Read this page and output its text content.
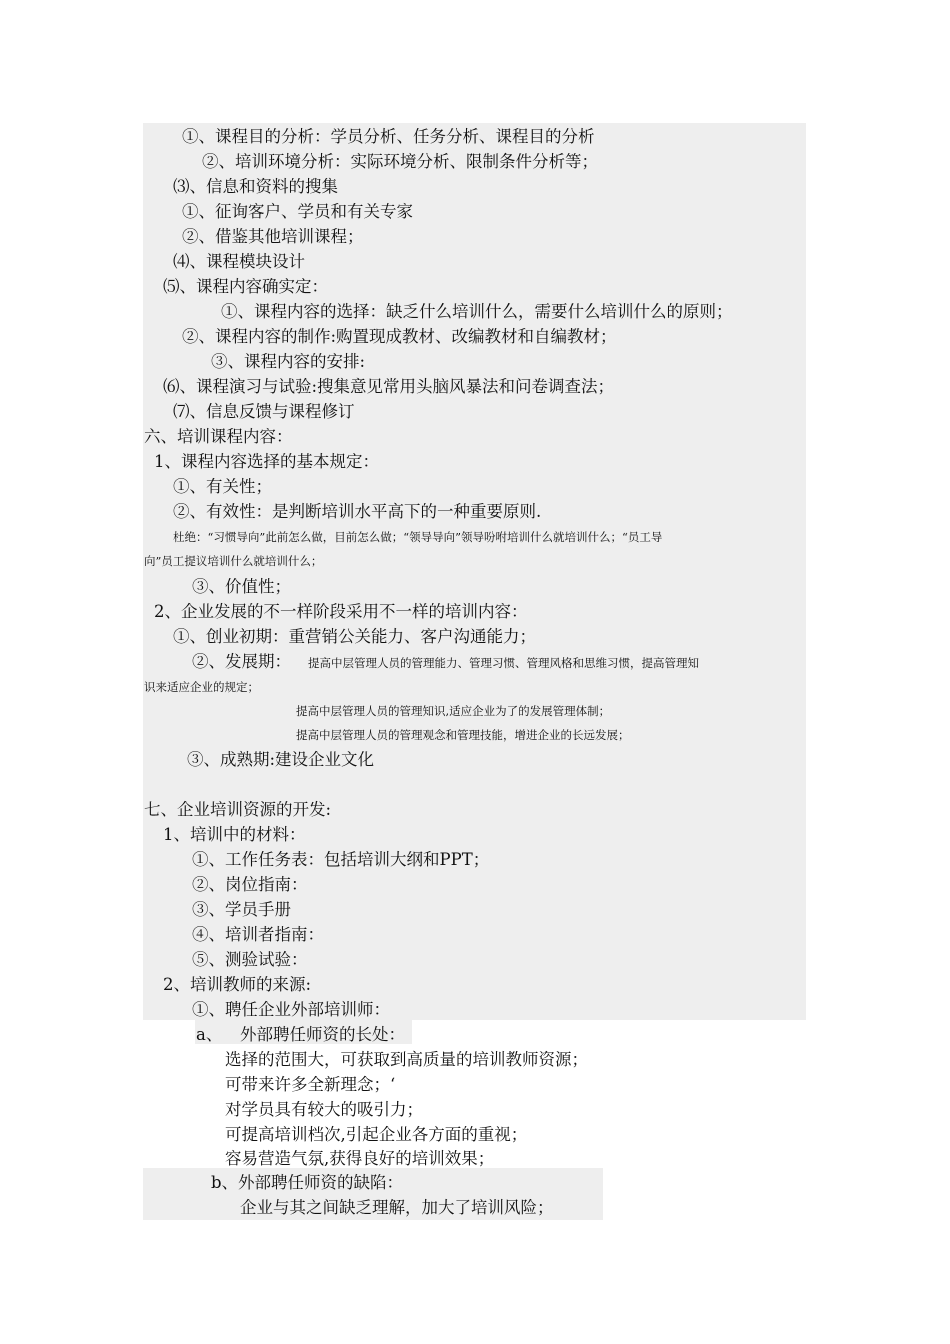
①、课程目的分析：学员分析、任务分析、课程目的分析
②、培训环境分析：实际环境分析、限制条件分析等；
⑶、信息和资料的搜集
①、征询客户、学员和有关专家
②、借鉴其他培训课程；
⑷、课程模块设计
⑸、课程内容确实定：
①、课程内容的选择：缺乏什么培训什么，需要什么培训什么的原则；
②、课程内容的制作:购置现成教材、改编教材和自编教材；
③、课程内容的安排:
⑹、课程演习与试验:搜集意见常用头脑风暴法和问卷调查法；
⑺、信息反馈与课程修订
六、培训课程内容：
1、课程内容选择的基本规定：
①、有关性；
②、有效性：是判断培训水平高下的一种重要原则.
杜绝：“习惯导向”此前怎么做，目前怎么做；“领导导向”领导吩咐培训什么就培训什么；“员工导
向”员工提议培训什么就培训什么；
③、价值性；
2、企业发展的不一样阶段采用不一样的培训内容：
①、创业初期：重营销公关能力、客户沟通能力；
②、发展期： 提高中层管理人员的管理能力、管理习惯、管理风格和思维习惯，提高管理知
识来适应企业的规定；
提高中层管理人员的管理知识,适应企业为了的发展管理体制；
提高中层管理人员的管理观念和管理技能，增进企业的长远发展；
③、成熟期:建设企业文化
七、企业培训资源的开发:
1、培训中的材料：
①、工作任务表：包括培训大纲和PPT；
②、岗位指南：
③、学员手册
④、培训者指南：
⑤、测验试验：
2、培训教师的来源:
①、聘任企业外部培训师：
a、 外部聘任师资的长处：
选择的范围大，可获取到高质量的培训教师资源；
可带来许多全新理念；‘
对学员具有较大的吸引力；
可提高培训档次,引起企业各方面的重视；
容易营造气氛,获得良好的培训效果；
b、外部聘任师资的缺陷：
企业与其之间缺乏理解，加大了培训风险；
